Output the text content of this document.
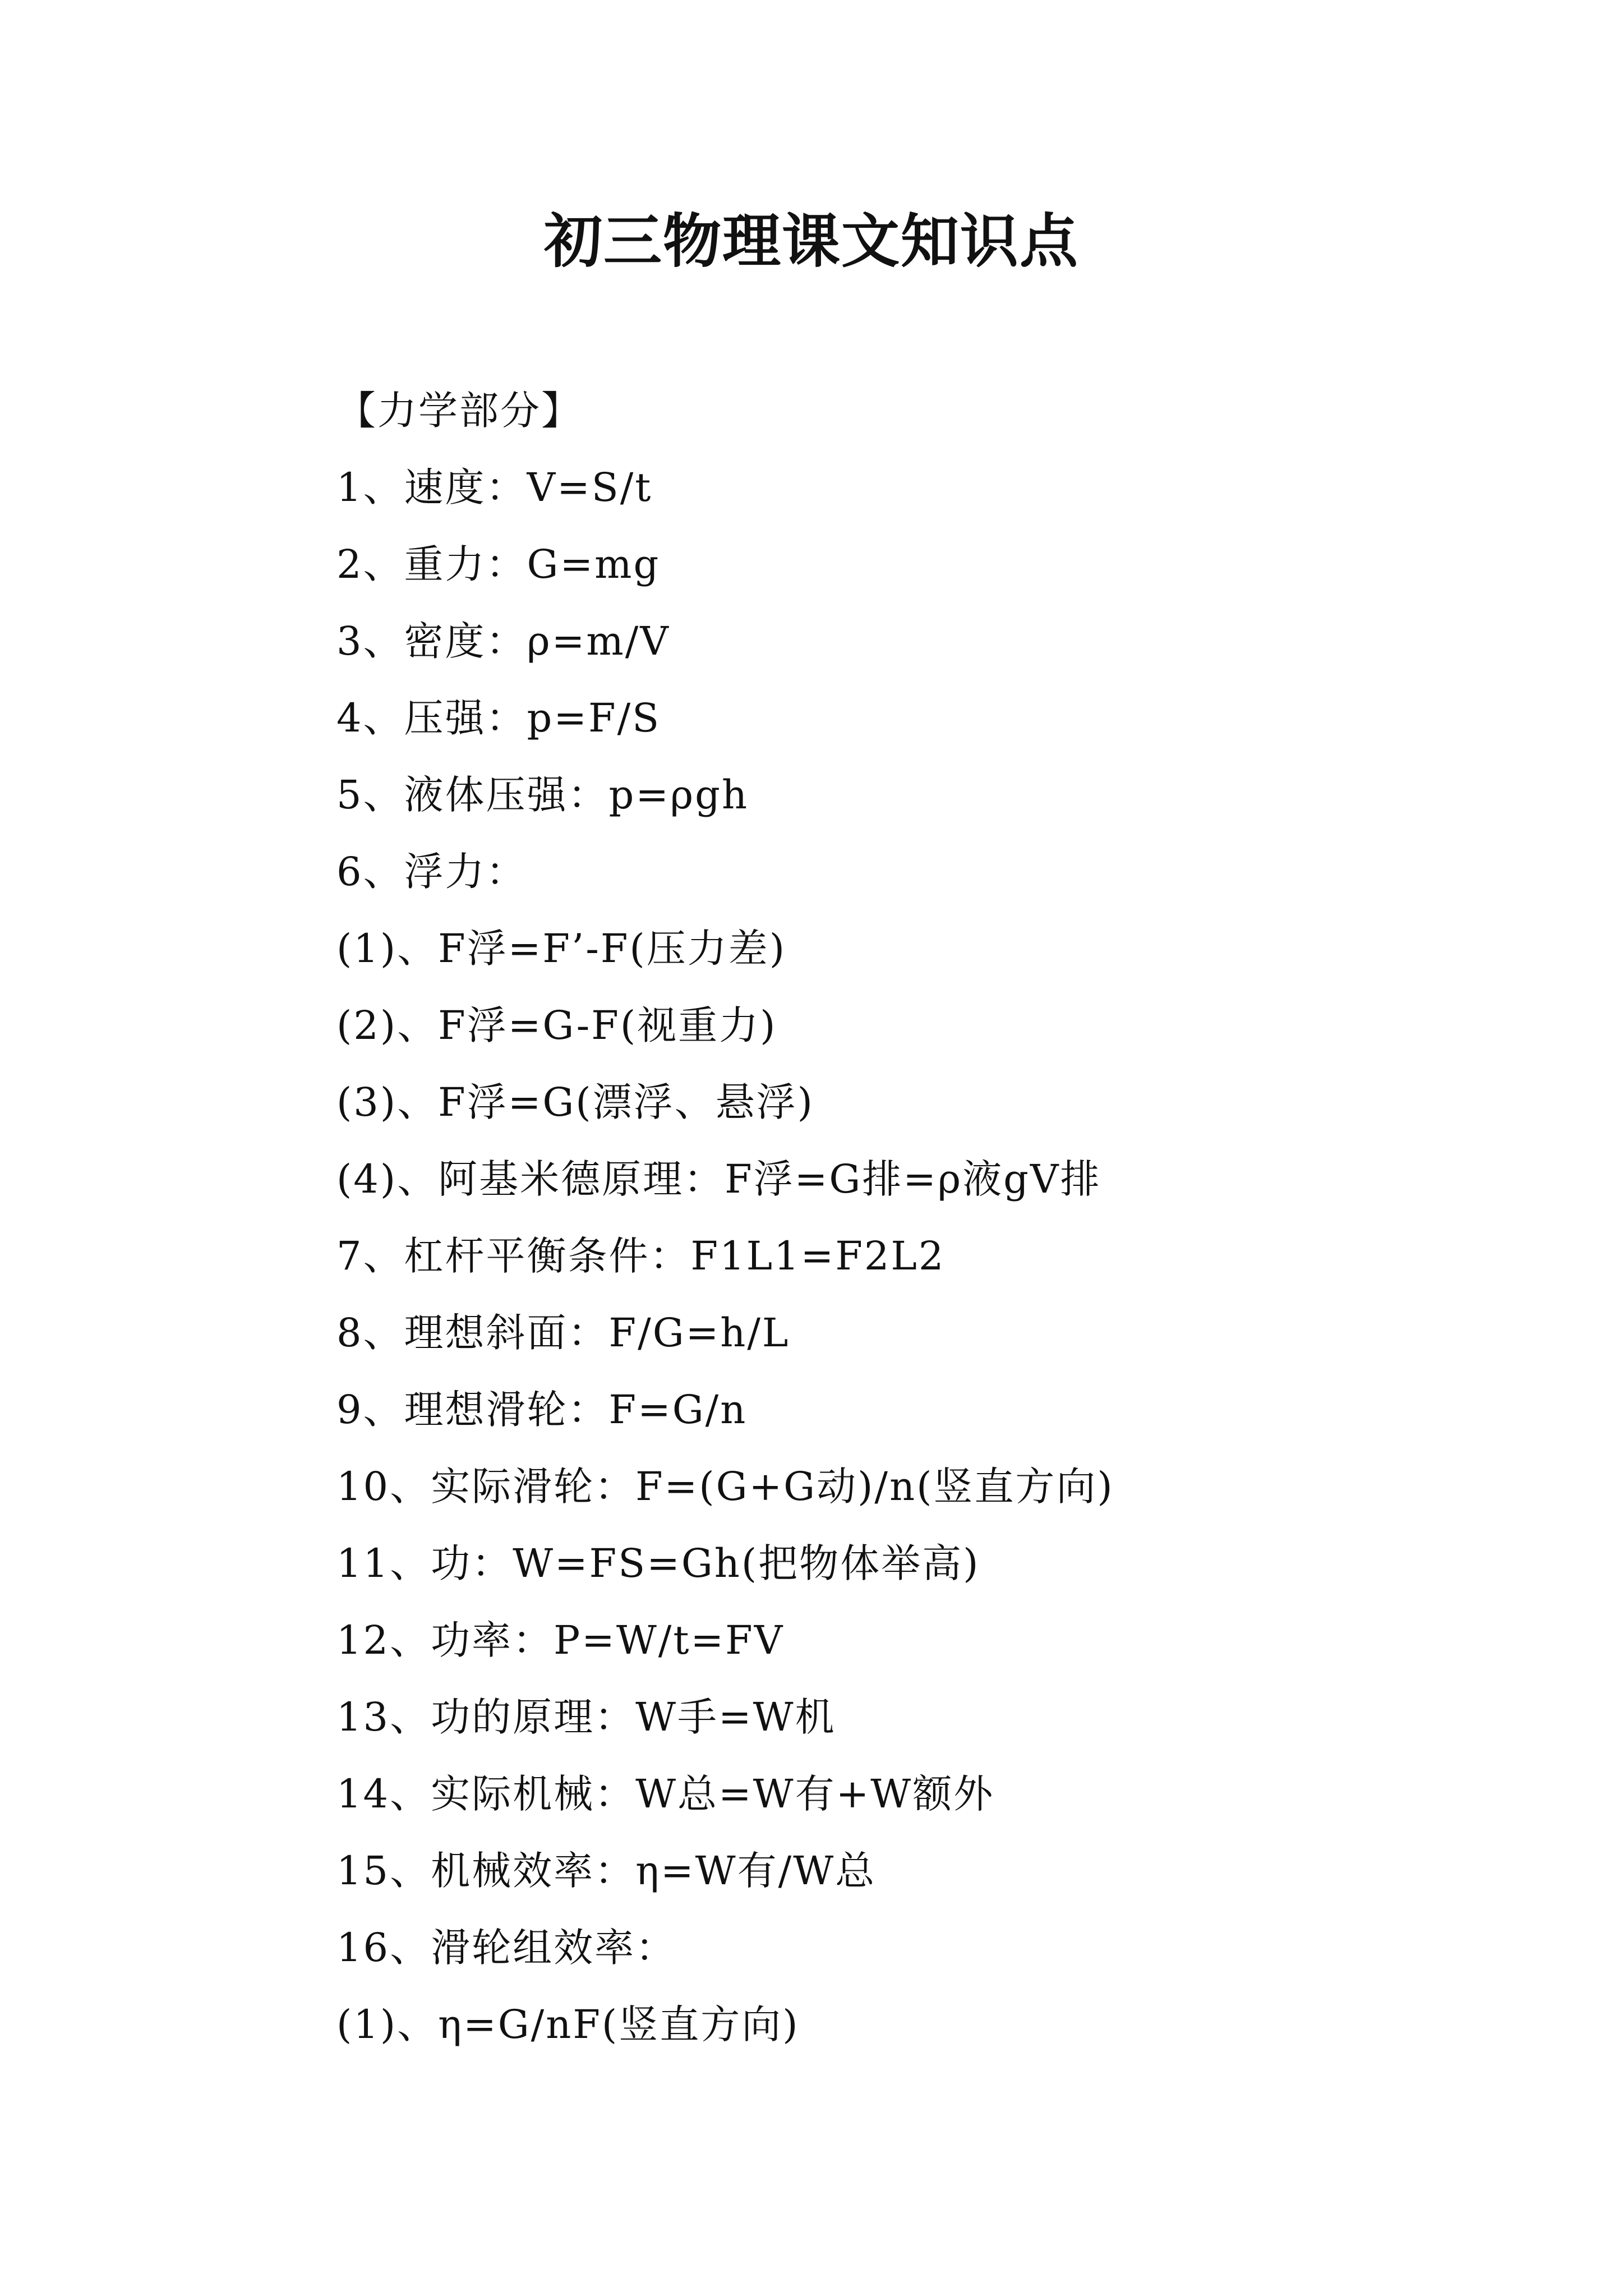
初三物理课文知识点
【力学部分】
1、速度：V=S/t
2、重力：G=mg
3、密度：ρ=m/V
4、压强：p=F/S
5、液体压强：p=ρgh
6、浮力：
(1)、F浮=F’-F(压力差)
(2)、F浮=G-F(视重力)
(3)、F浮=G(漂浮、悬浮)
(4)、阿基米德原理：F浮=G排=ρ液gV排
7、杠杆平衡条件：F1L1=F2L2
8、理想斜面：F/G=h/L
9、理想滑轮：F=G/n
10、实际滑轮：F=(G+G动)/n(竖直方向)
11、功：W=FS=Gh(把物体举高)
12、功率：P=W/t=FV
13、功的原理：W手=W机
14、实际机械：W总=W有+W额外
15、机械效率：η=W有/W总
16、滑轮组效率：
(1)、η=G/nF(竖直方向)
